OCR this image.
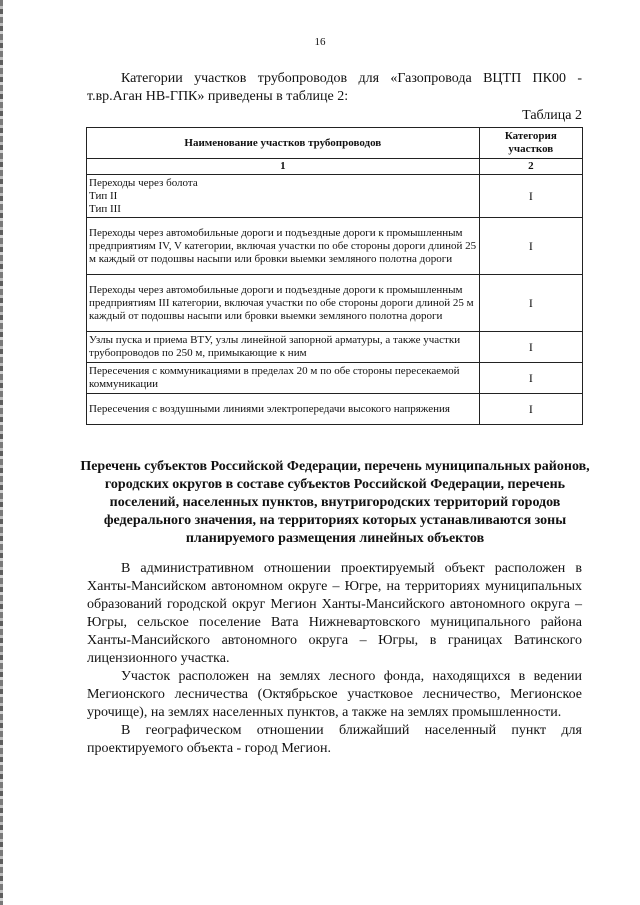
16

Категории участков трубопроводов для «Газопровода ВЦТП ПК00 - т.вр.Аган НВ-ГПК» приведены в таблице 2:

Таблица 2
Наименование участков трубопроводов	Категория участков
1	2

Переходы через болота
Тип II
Тип III	I
Переходы через автомобильные дороги и подъездные дороги к промышленным предприятиям IV, V категории, включая участки по обе стороны дороги длиной 25 м каждый от подошвы насыпи или бровки выемки земляного полотна дороги	I
Переходы через автомобильные дороги и подъездные дороги к промышленным предприятиям III категории, включая участки по обе стороны дороги длиной 25 м каждый от подошвы насыпи или бровки выемки земляного полотна дороги	I
Узлы пуска и приема ВТУ, узлы линейной запорной арматуры, а также участки трубопроводов по 250 м, примыкающие к ним	I
Пересечения с коммуникациями в пределах 20 м по обе стороны пересекаемой коммуникации	I
Пересечения с воздушными линиями электропередачи высокого напряжения	I
Перечень субъектов Российской Федерации, перечень муниципальных районов, городских округов в составе субъектов Российской Федерации, перечень поселений, населенных пунктов, внутригородских территорий городов федерального значения, на территориях которых устанавливаются зоны планируемого размещения линейных объектов

В административном отношении проектируемый объект расположен в Ханты-Мансийском автономном округе – Югре, на территориях муниципальных образований городской округ Мегион Ханты-Мансийского автономного округа – Югры, сельское поселение Вата Нижневартовского муниципального района Ханты-Мансийского автономного округа – Югры, в границах Ватинского лицензионного участка.

Участок расположен на землях лесного фонда, находящихся в ведении Мегионского лесничества (Октябрьское участковое лесничество, Мегионское урочище), на землях населенных пунктов, а также на землях промышленности.

В географическом отношении ближайший населенный пункт для проектируемого объекта - город Мегион.
